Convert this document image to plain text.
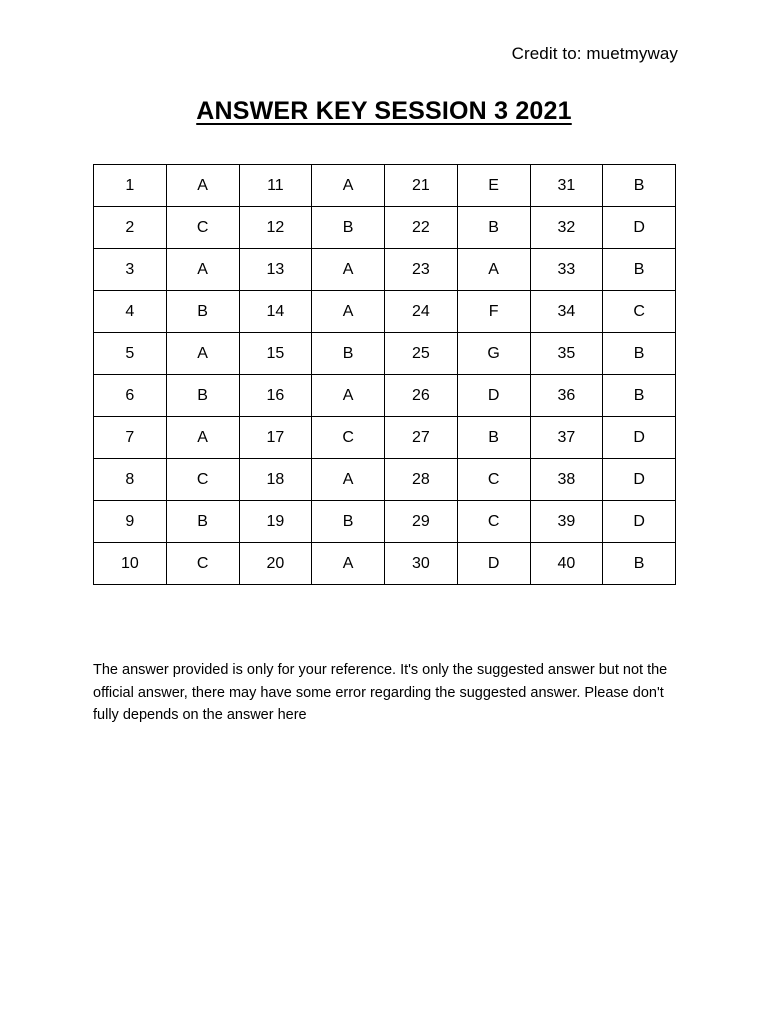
Credit to: muetmyway
ANSWER KEY SESSION 3 2021
1	A	11	A	21	E	31	B
2	C	12	B	22	B	32	D
3	A	13	A	23	A	33	B
4	B	14	A	24	F	34	C
5	A	15	B	25	G	35	B
6	B	16	A	26	D	36	B
7	A	17	C	27	B	37	D
8	C	18	A	28	C	38	D
9	B	19	B	29	C	39	D
10	C	20	A	30	D	40	B

The answer provided is only for your reference. It's only the suggested answer but not the official answer, there may have some error regarding the suggested answer. Please don't fully depends on the answer here
